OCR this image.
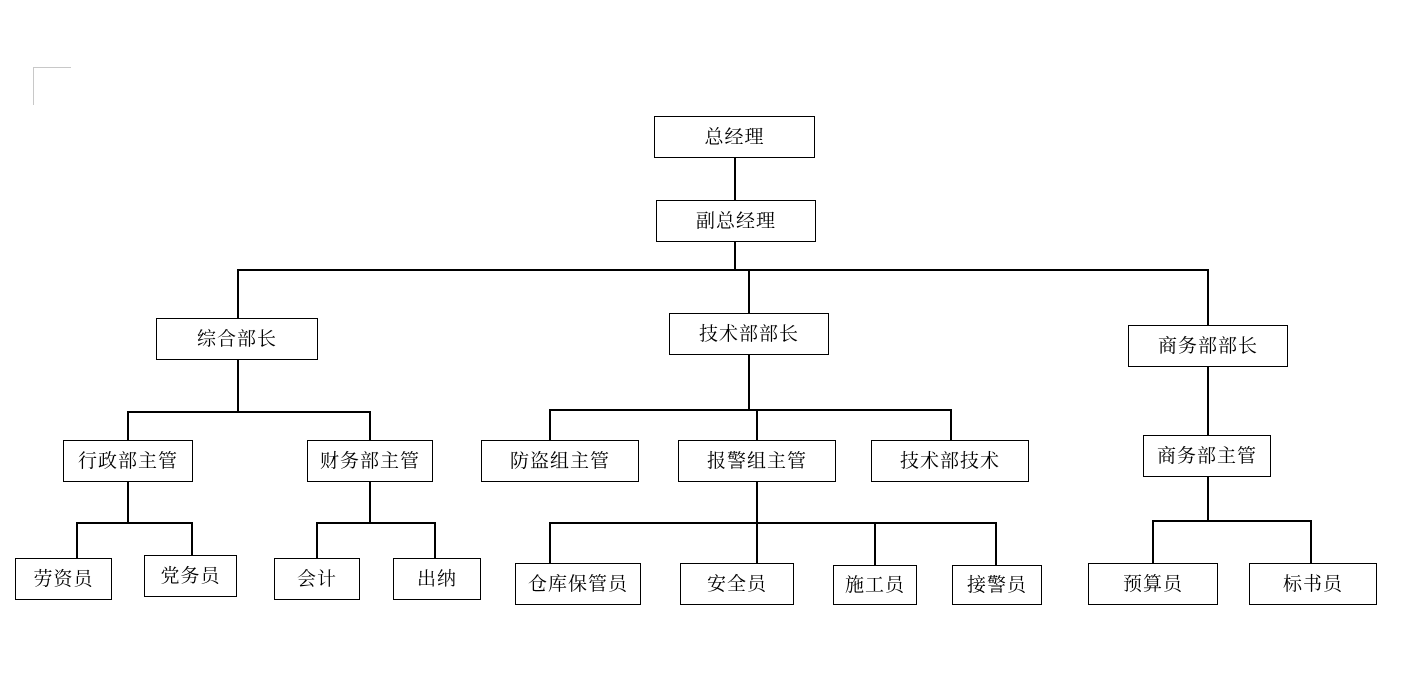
总经理
副总经理
综合部长	技术部部长
商务部部长
行政部主管	财务部主管	防盗组主管	报警组主管	技术部技术	商务部主管
劳资员	党务员	会计	出纳	仓库保管员	安全员	施工员	接警员	预算员	标书员
